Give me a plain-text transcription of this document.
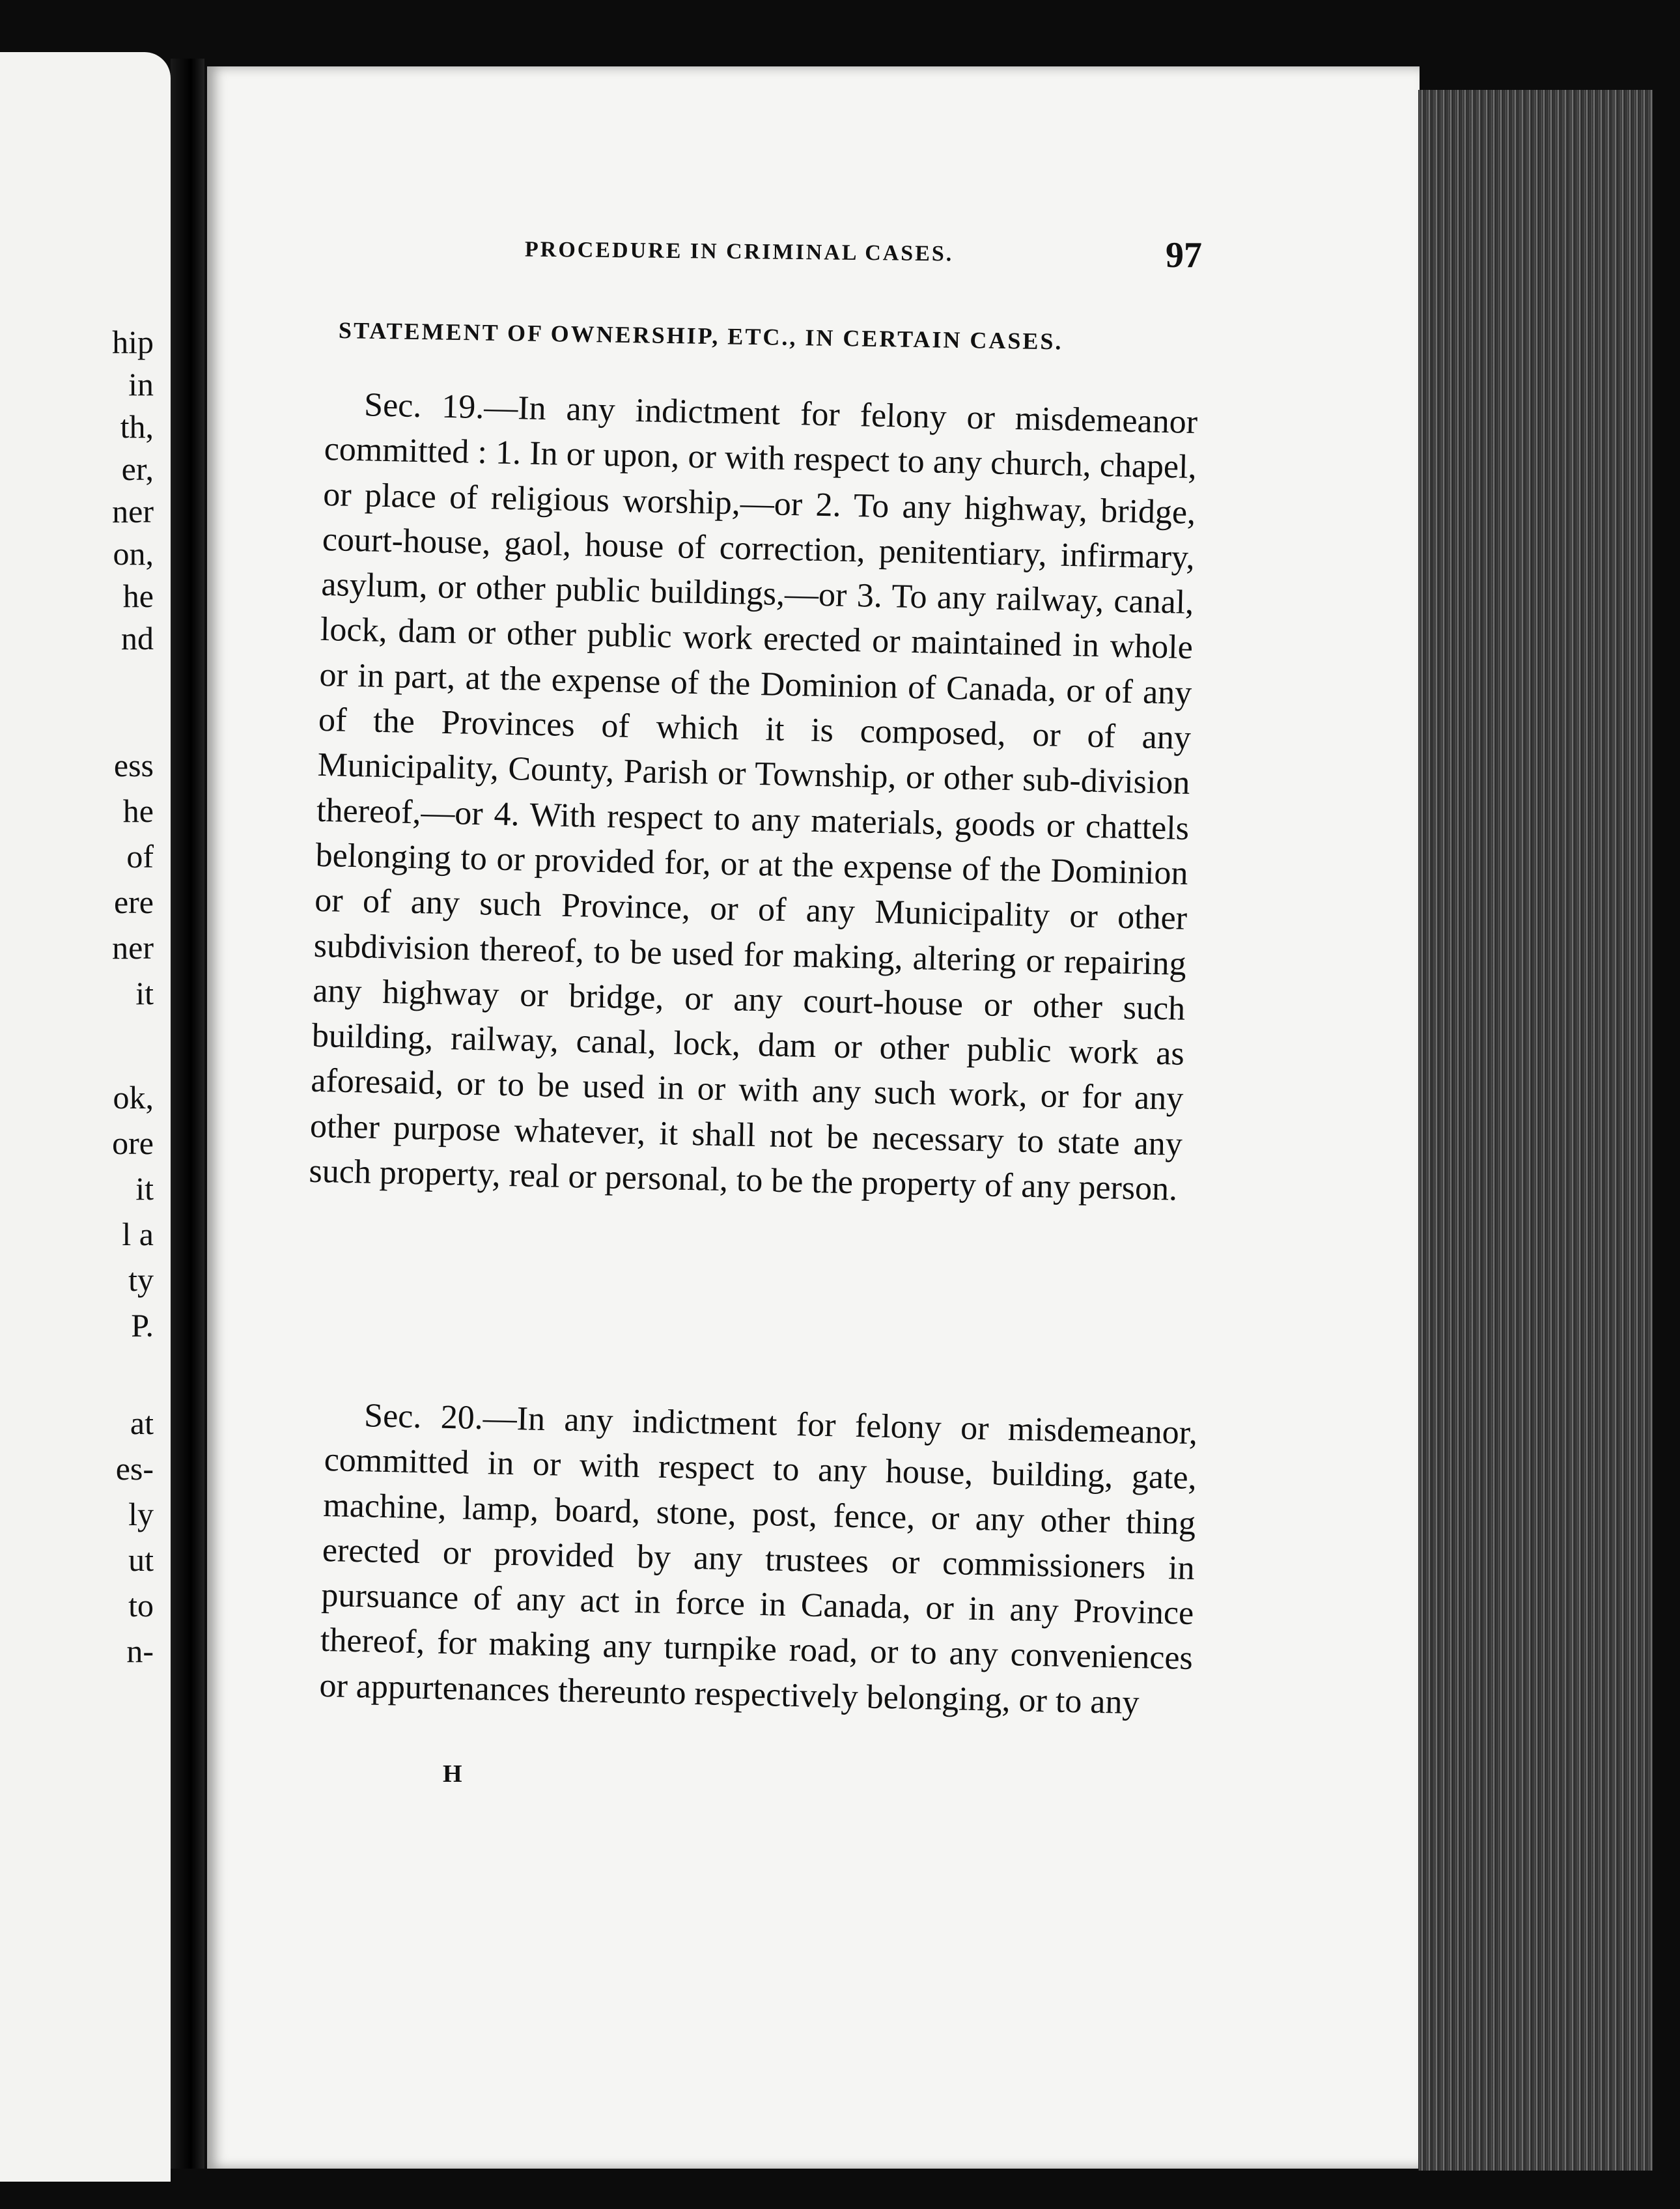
hip
in
th,
er,
ner
on,
he
nd
ess
he
of
ere
ner
it
ok,
ore
it
l a
ty
P.
at
es-
ly
ut
to
n-
PROCEDURE IN CRIMINAL CASES.	97
STATEMENT OF OWNERSHIP, ETC., IN CERTAIN CASES.

Sec. 19.—In any indictment for felony or misdemeanor committed : 1. In or upon, or with respect to any church, chapel, or place of religious worship,—or 2. To any highway, bridge, court-house, gaol, house of correction, penitentiary, infirmary, asylum, or other public buildings,—or 3. To any railway, canal, lock, dam or other public work erected or maintained in whole or in part, at the expense of the Dominion of Canada, or of any of the Provinces of which it is composed, or of any Municipality, County, Parish or Township, or other sub-division thereof,—or 4. With respect to any materials, goods or chattels belonging to or provided for, or at the expense of the Dominion or of any such Province, or of any Municipality or other subdivision thereof, to be used for making, altering or repairing any highway or bridge, or any court-house or other such building, railway, canal, lock, dam or other public work as aforesaid, or to be used in or with any such work, or for any other purpose whatever, it shall not be necessary to state any such property, real or personal, to be the property of any person.

Sec. 20.—In any indictment for felony or misdemeanor, committed in or with respect to any house, building, gate, machine, lamp, board, stone, post, fence, or any other thing erected or provided by any trustees or commissioners in pursuance of any act in force in Canada, or in any Province thereof, for making any turnpike road, or to any conveniences or appurtenances thereunto respectively belonging, or to any

H
